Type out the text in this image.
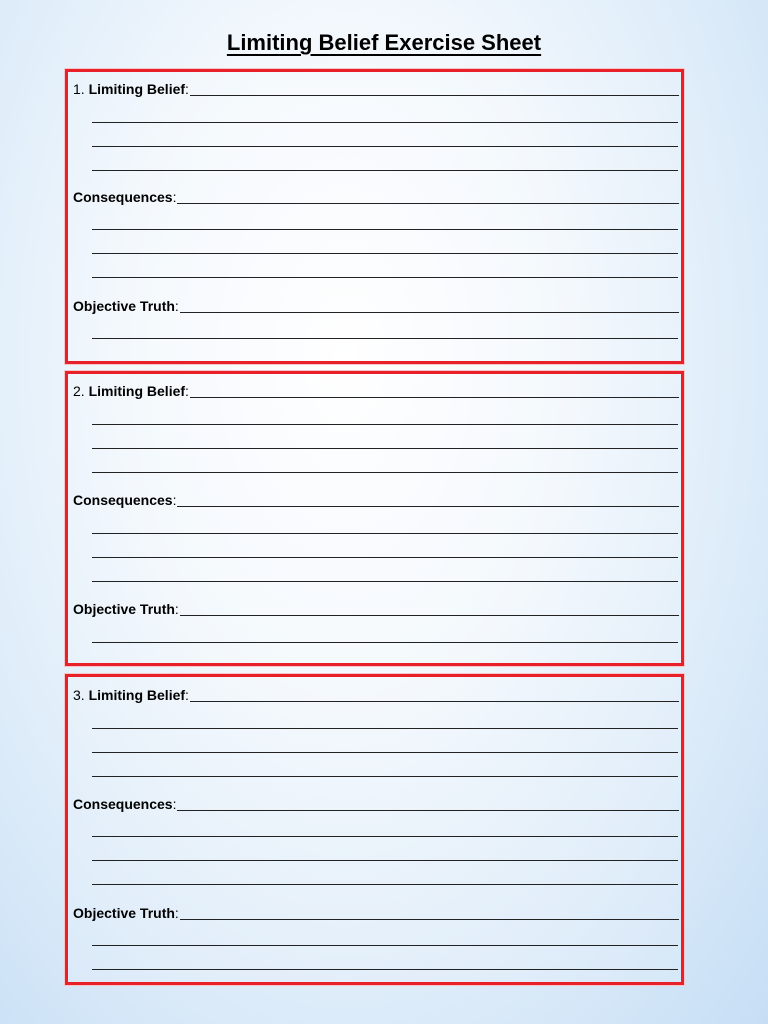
Limiting Belief Exercise Sheet
1. Limiting Belief:
Consequences:
Objective Truth:
2. Limiting Belief:
Consequences:
Objective Truth:
3. Limiting Belief:
Consequences:
Objective Truth:
